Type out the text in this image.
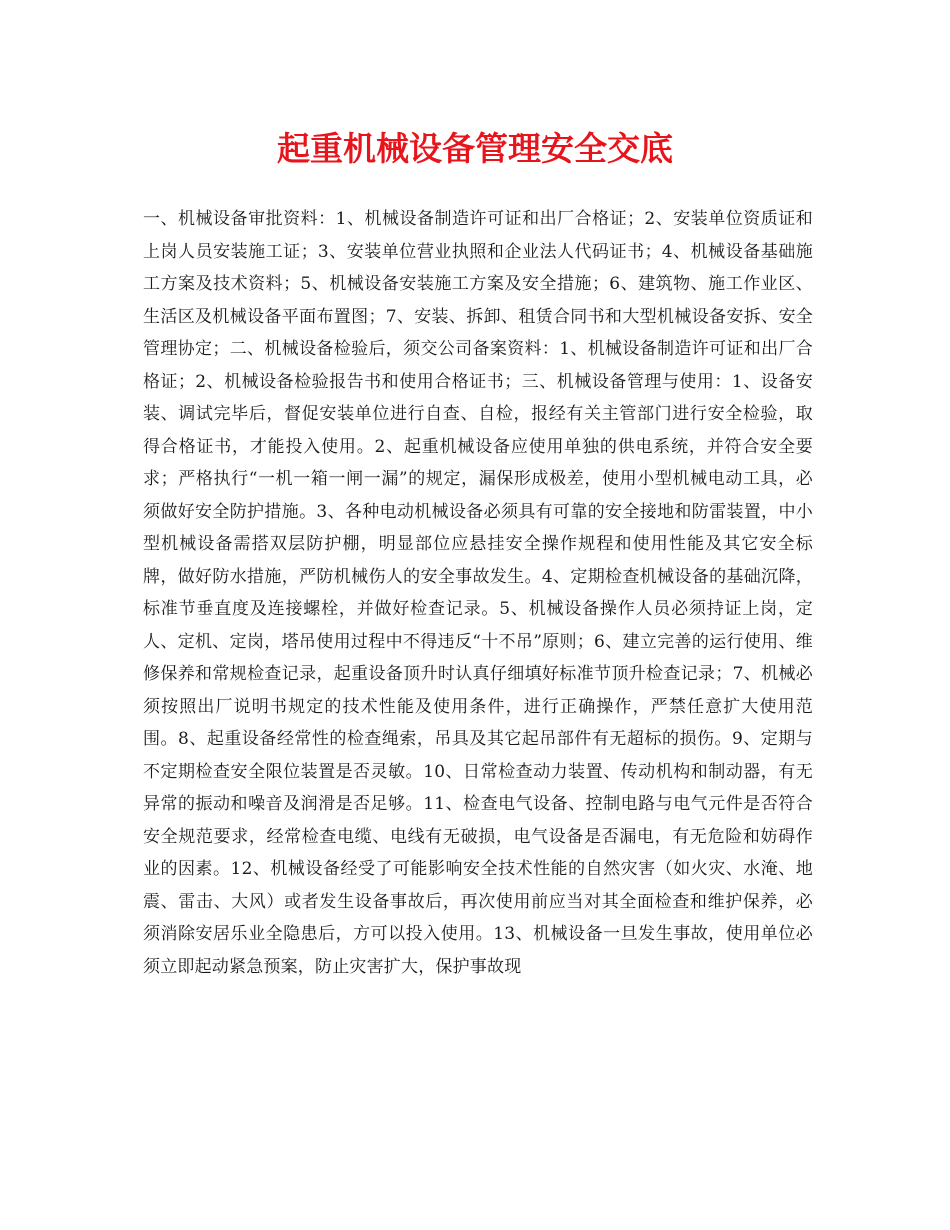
起重机械设备管理安全交底

一、机械设备审批资料：1、机械设备制造许可证和出厂合格证；2、安装单位资质证和上岗人员安装施工证；3、安装单位营业执照和企业法人代码证书；4、机械设备基础施工方案及技术资料；5、机械设备安装施工方案及安全措施；6、建筑物、施工作业区、生活区及机械设备平面布置图；7、安装、拆卸、租赁合同书和大型机械设备安拆、安全管理协定；二、机械设备检验后，须交公司备案资料：1、机械设备制造许可证和出厂合格证；2、机械设备检验报告书和使用合格证书；三、机械设备管理与使用：1、设备安装、调试完毕后，督促安装单位进行自查、自检，报经有关主管部门进行安全检验，取得合格证书，才能投入使用。2、起重机械设备应使用单独的供电系统，并符合安全要求；严格执行“一机一箱一闸一漏”的规定，漏保形成极差，使用小型机械电动工具，必须做好安全防护措施。3、各种电动机械设备必须具有可靠的安全接地和防雷装置，中小型机械设备需搭双层防护棚，明显部位应悬挂安全操作规程和使用性能及其它安全标牌，做好防水措施，严防机械伤人的安全事故发生。4、定期检查机械设备的基础沉降，标准节垂直度及连接螺栓，并做好检查记录。5、机械设备操作人员必须持证上岗，定人、定机、定岗，塔吊使用过程中不得违反“十不吊”原则；6、建立完善的运行使用、维修保养和常规检查记录，起重设备顶升时认真仔细填好标准节顶升检查记录；7、机械必须按照出厂说明书规定的技术性能及使用条件，进行正确操作，严禁任意扩大使用范围。8、起重设备经常性的检查绳索，吊具及其它起吊部件有无超标的损伤。9、定期与不定期检查安全限位装置是否灵敏。10、日常检查动力装置、传动机构和制动器，有无异常的振动和噪音及润滑是否足够。11、检查电气设备、控制电路与电气元件是否符合安全规范要求，经常检查电缆、电线有无破损，电气设备是否漏电，有无危险和妨碍作业的因素。12、机械设备经受了可能影响安全技术性能的自然灾害（如火灾、水淹、地震、雷击、大风）或者发生设备事故后，再次使用前应当对其全面检查和维护保养，必须消除安居乐业全隐患后，方可以投入使用。13、机械设备一旦发生事故，使用单位必须立即起动紧急预案，防止灾害扩大，保护事故现
